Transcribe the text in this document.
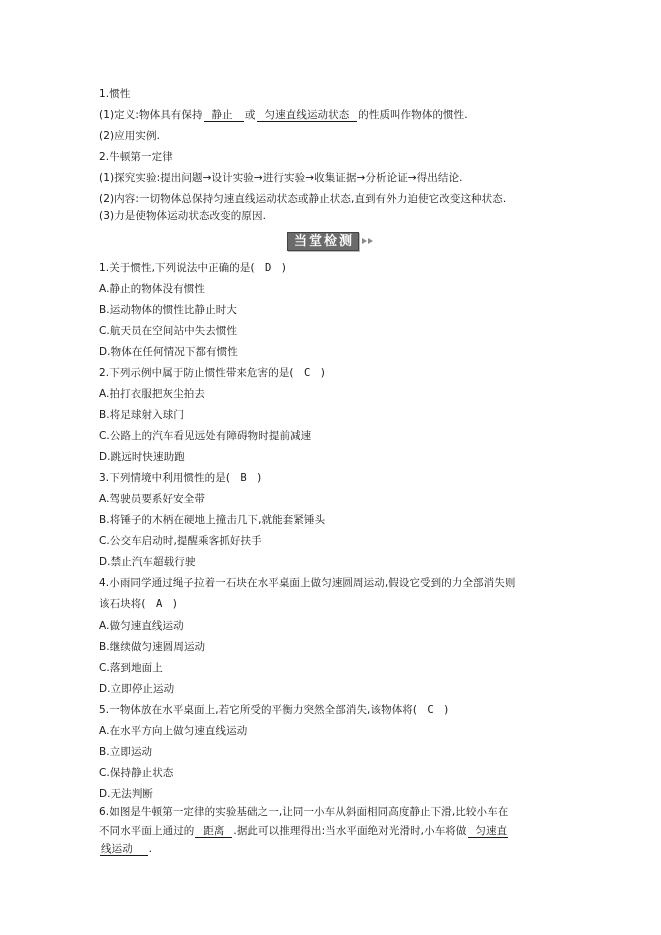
1.惯性
(1)定义:物体具有保持 静止 或 匀速直线运动状态 的性质叫作物体的惯性.
(2)应用实例.
2.牛顿第一定律
(1)探究实验:提出问题→设计实验→进行实验→收集证据→分析论证→得出结论.
(2)内容:一切物体总保持匀速直线运动状态或静止状态,直到有外力迫使它改变这种状态.
(3)力是使物体运动状态改变的原因.
当堂检测
1.关于惯性,下列说法中正确的是( D )
A.静止的物体没有惯性
B.运动物体的惯性比静止时大
C.航天员在空间站中失去惯性
D.物体在任何情况下都有惯性
2.下列示例中属于防止惯性带来危害的是( C )
A.拍打衣服把灰尘拍去
B.将足球射入球门
C.公路上的汽车看见远处有障碍物时提前减速
D.跳远时快速助跑
3.下列情境中利用惯性的是( B )
A.驾驶员要系好安全带
B.将锤子的木柄在硬地上撞击几下,就能套紧锤头
C.公交车启动时,提醒乘客抓好扶手
D.禁止汽车超载行驶
4.小雨同学通过绳子拉着一石块在水平桌面上做匀速圆周运动,假设它受到的力全部消失则
该石块将( A )
A.做匀速直线运动
B.继续做匀速圆周运动
C.落到地面上
D.立即停止运动
5.一物体放在水平桌面上,若它所受的平衡力突然全部消失,该物体将( C )
A.在水平方向上做匀速直线运动
B.立即运动
C.保持静止状态
D.无法判断
6.如图是牛顿第一定律的实验基础之一,让同一小车从斜面相同高度静止下滑,比较小车在
不同水平面上通过的 距离 .据此可以推理得出:当水平面绝对光滑时,小车将做 匀速直
线运动 .
